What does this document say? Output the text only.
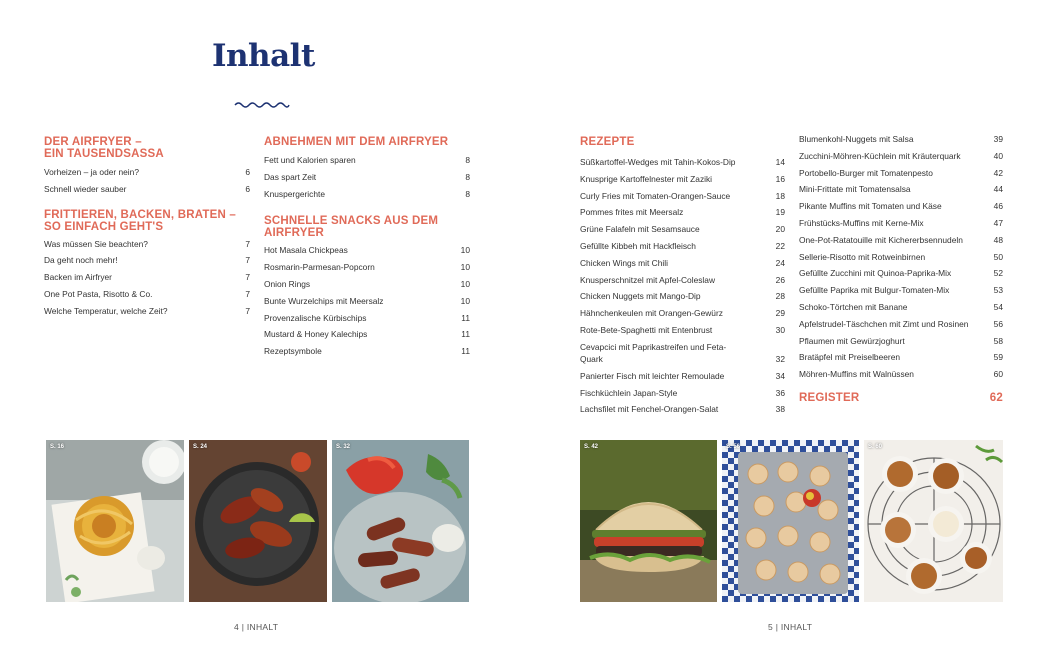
Inhalt
DER AIRFRYER –
EIN TAUSENDSASSA
Vorheizen – ja oder nein?	6
Schnell wieder sauber	6
FRITTIEREN, BACKEN, BRATEN –
SO EINFACH GEHT'S
Was müssen Sie beachten?	7
Da geht noch mehr!	7
Backen im Airfryer	7
One Pot Pasta, Risotto & Co.	7
Welche Temperatur, welche Zeit?	7
ABNEHMEN MIT DEM AIRFRYER
Fett und Kalorien sparen	8
Das spart Zeit	8
Knuspergerichte	8
SCHNELLE SNACKS AUS DEM
AIRFRYER
Hot Masala Chickpeas	10
Rosmarin-Parmesan-Popcorn	10
Onion Rings	10
Bunte Wurzelchips mit Meersalz	10
Provenzalische Kürbischips	11
Mustard & Honey Kalechips	11
Rezeptsymbole	11
REZEPTE
Süßkartoffel-Wedges mit Tahin-Kokos-Dip	14
Knusprige Kartoffelnester mit Zaziki	16
Curly Fries mit Tomaten-Orangen-Sauce	18
Pommes frites mit Meersalz	19
Grüne Falafeln mit Sesamsauce	20
Gefüllte Kibbeh mit Hackfleisch	22
Chicken Wings mit Chili	24
Knusperschnitzel mit Apfel-Coleslaw	26
Chicken Nuggets mit Mango-Dip	28
Hähnchenkeulen mit Orangen-Gewürz	29
Rote-Bete-Spaghetti mit Entenbrust	30
Cevapcici mit Paprikastreifen und Feta-Quark	32
Panierter Fisch mit leichter Remoulade	34
Fischküchlein Japan-Style	36
Lachsfilet mit Fenchel-Orangen-Salat	38
Blumenkohl-Nuggets mit Salsa	39
Zucchini-Möhren-Küchlein mit Kräuterquark	40
Portobello-Burger mit Tomatenpesto	42
Mini-Frittate mit Tomatensalsa	44
Pikante Muffins mit Tomaten und Käse	46
Frühstücks-Muffins mit Kerne-Mix	47
One-Pot-Ratatouille mit Kichererbsennudeln	48
Sellerie-Risotto mit Rotweinbirnen	50
Gefüllte Zucchini mit Quinoa-Paprika-Mix	52
Gefüllte Paprika mit Bulgur-Tomaten-Mix	53
Schoko-Törtchen mit Banane	54
Apfelstrudel-Täschchen mit Zimt und Rosinen	56
Pflaumen mit Gewürzjoghurt	58
Bratäpfel mit Preiselbeeren	59
Möhren-Muffins mit Walnüssen	60
REGISTER	62
S. 16	S. 24	S. 32	S. 42	S. 56	S. 60
4 | INHALT	5 | INHALT
